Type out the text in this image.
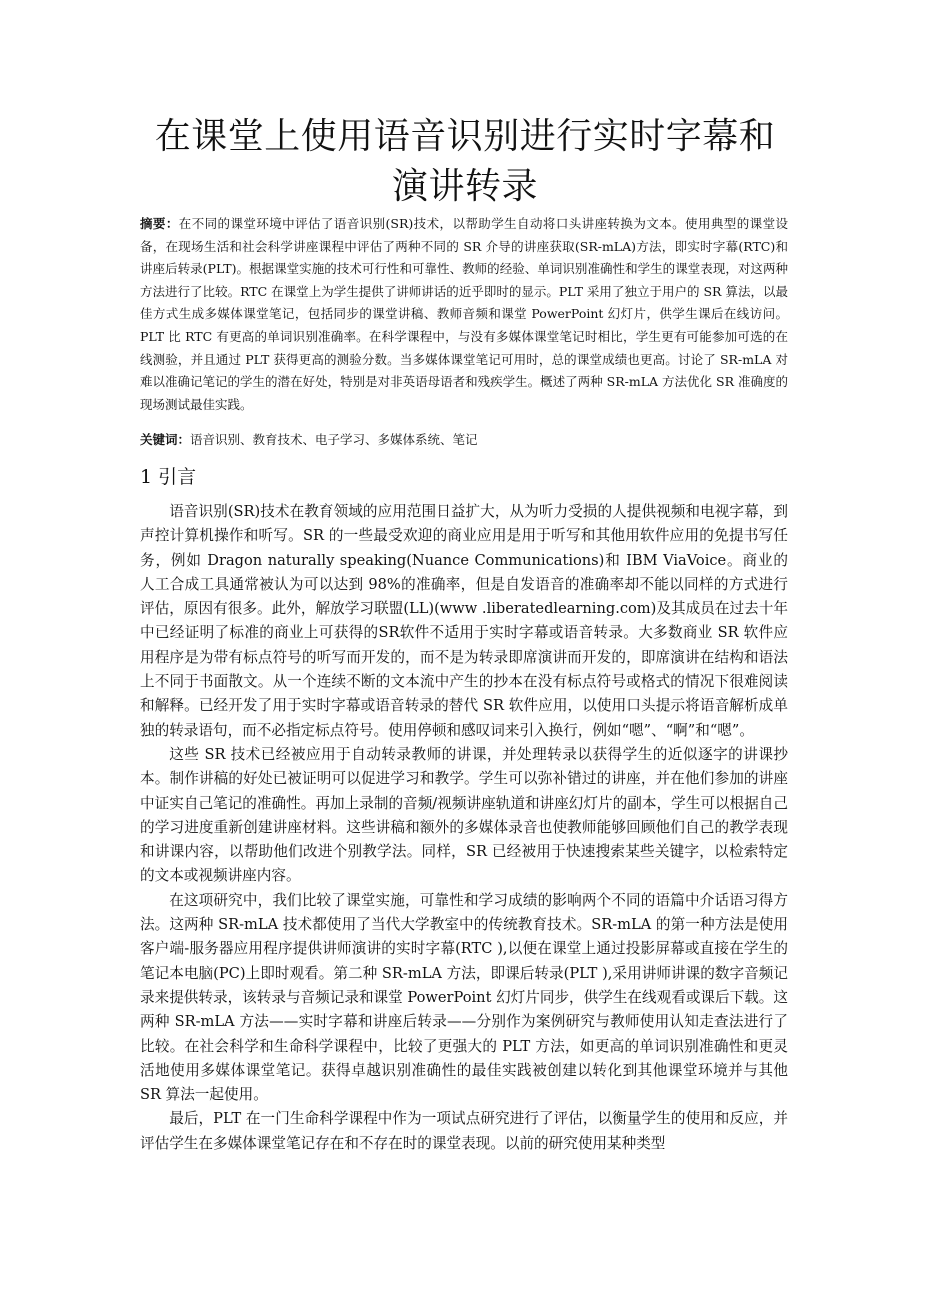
在课堂上使用语音识别进行实时字幕和演讲转录

摘要：在不同的课堂环境中评估了语音识别(SR)技术，以帮助学生自动将口头讲座转换为文本。使用典型的课堂设备，在现场生活和社会科学讲座课程中评估了两种不同的 SR 介导的讲座获取(SR-mLA)方法，即实时字幕(RTC)和讲座后转录(PLT)。根据课堂实施的技术可行性和可靠性、教师的经验、单词识别准确性和学生的课堂表现，对这两种方法进行了比较。RTC 在课堂上为学生提供了讲师讲话的近乎即时的显示。PLT 采用了独立于用户的 SR 算法，以最佳方式生成多媒体课堂笔记，包括同步的课堂讲稿、教师音频和课堂 PowerPoint 幻灯片，供学生课后在线访问。PLT 比 RTC 有更高的单词识别准确率。在科学课程中，与没有多媒体课堂笔记时相比，学生更有可能参加可选的在线测验，并且通过 PLT 获得更高的测验分数。当多媒体课堂笔记可用时，总的课堂成绩也更高。讨论了 SR-mLA 对难以准确记笔记的学生的潜在好处，特别是对非英语母语者和残疾学生。概述了两种 SR-mLA 方法优化 SR 准确度的现场测试最佳实践。

关键词：语音识别、教育技术、电子学习、多媒体系统、笔记

1 引言

语音识别(SR)技术在教育领域的应用范围日益扩大，从为听力受损的人提供视频和电视字幕，到声控计算机操作和听写。SR 的一些最受欢迎的商业应用是用于听写和其他用软件应用的免提书写任务，例如 Dragon naturally speaking(Nuance Communications)和 IBM ViaVoice。商业的人工合成工具通常被认为可以达到 98%的准确率，但是自发语音的准确率却不能以同样的方式进行评估，原因有很多。此外，解放学习联盟(LL)(www .liberatedlearning.com)及其成员在过去十年中已经证明了标准的商业上可获得的SR软件不适用于实时字幕或语音转录。大多数商业 SR 软件应用程序是为带有标点符号的听写而开发的，而不是为转录即席演讲而开发的，即席演讲在结构和语法上不同于书面散文。从一个连续不断的文本流中产生的抄本在没有标点符号或格式的情况下很难阅读和解释。已经开发了用于实时字幕或语音转录的替代 SR 软件应用，以使用口头提示将语音解析成单独的转录语句，而不必指定标点符号。使用停顿和感叹词来引入换行，例如“嗯”、“啊”和“嗯”。

这些 SR 技术已经被应用于自动转录教师的讲课，并处理转录以获得学生的近似逐字的讲课抄本。制作讲稿的好处已被证明可以促进学习和教学。学生可以弥补错过的讲座，并在他们参加的讲座中证实自己笔记的准确性。再加上录制的音频/视频讲座轨道和讲座幻灯片的副本，学生可以根据自己的学习进度重新创建讲座材料。这些讲稿和额外的多媒体录音也使教师能够回顾他们自己的教学表现和讲课内容，以帮助他们改进个别教学法。同样，SR 已经被用于快速搜索某些关键字，以检索特定的文本或视频讲座内容。

在这项研究中，我们比较了课堂实施，可靠性和学习成绩的影响两个不同的语篇中介话语习得方法。这两种 SR-mLA 技术都使用了当代大学教室中的传统教育技术。SR-mLA 的第一种方法是使用客户端-服务器应用程序提供讲师演讲的实时字幕(RTC ),以便在课堂上通过投影屏幕或直接在学生的笔记本电脑(PC)上即时观看。第二种 SR-mLA 方法，即课后转录(PLT ),采用讲师讲课的数字音频记录来提供转录，该转录与音频记录和课堂 PowerPoint 幻灯片同步，供学生在线观看或课后下载。这两种 SR-mLA 方法——实时字幕和讲座后转录——分别作为案例研究与教师使用认知走查法进行了比较。在社会科学和生命科学课程中，比较了更强大的 PLT 方法，如更高的单词识别准确性和更灵活地使用多媒体课堂笔记。获得卓越识别准确性的最佳实践被创建以转化到其他课堂环境并与其他 SR 算法一起使用。

最后，PLT 在一门生命科学课程中作为一项试点研究进行了评估，以衡量学生的使用和反应，并评估学生在多媒体课堂笔记存在和不存在时的课堂表现。以前的研究使用某种类型
